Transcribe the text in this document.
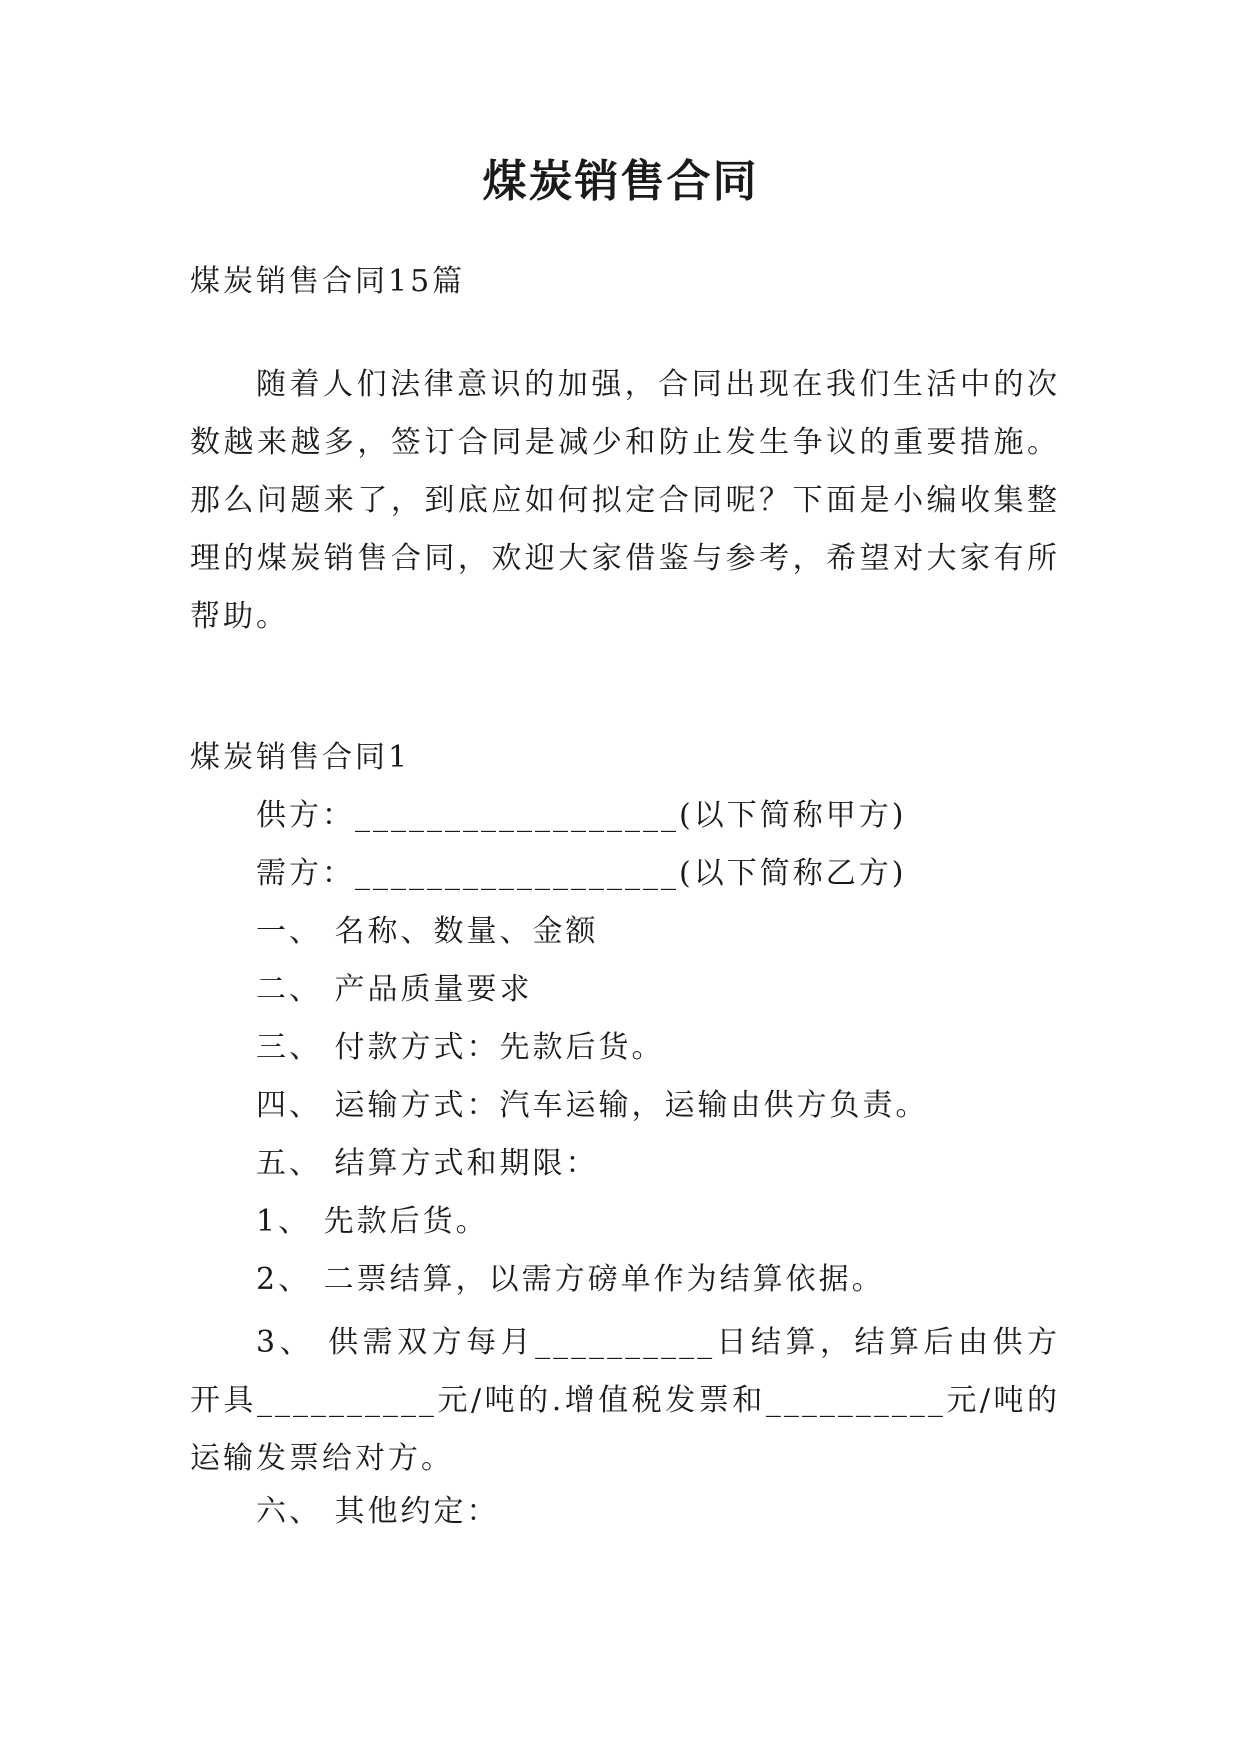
煤炭销售合同
煤炭销售合同15篇
随着人们法律意识的加强，合同出现在我们生活中的次数越来越多，签订合同是减少和防止发生争议的重要措施。那么问题来了，到底应如何拟定合同呢？下面是小编收集整理的煤炭销售合同，欢迎大家借鉴与参考，希望对大家有所帮助。
煤炭销售合同1
供方：__________________(以下简称甲方)
需方：__________________(以下简称乙方)
一、 名称、数量、金额
二、 产品质量要求
三、 付款方式：先款后货。
四、 运输方式：汽车运输，运输由供方负责。
五、 结算方式和期限：
1、 先款后货。
2、 二票结算，以需方磅单作为结算依据。
3、 供需双方每月__________日结算，结算后由供方开具__________元/吨的.增值税发票和__________元/吨的运输发票给对方。
六、 其他约定：
